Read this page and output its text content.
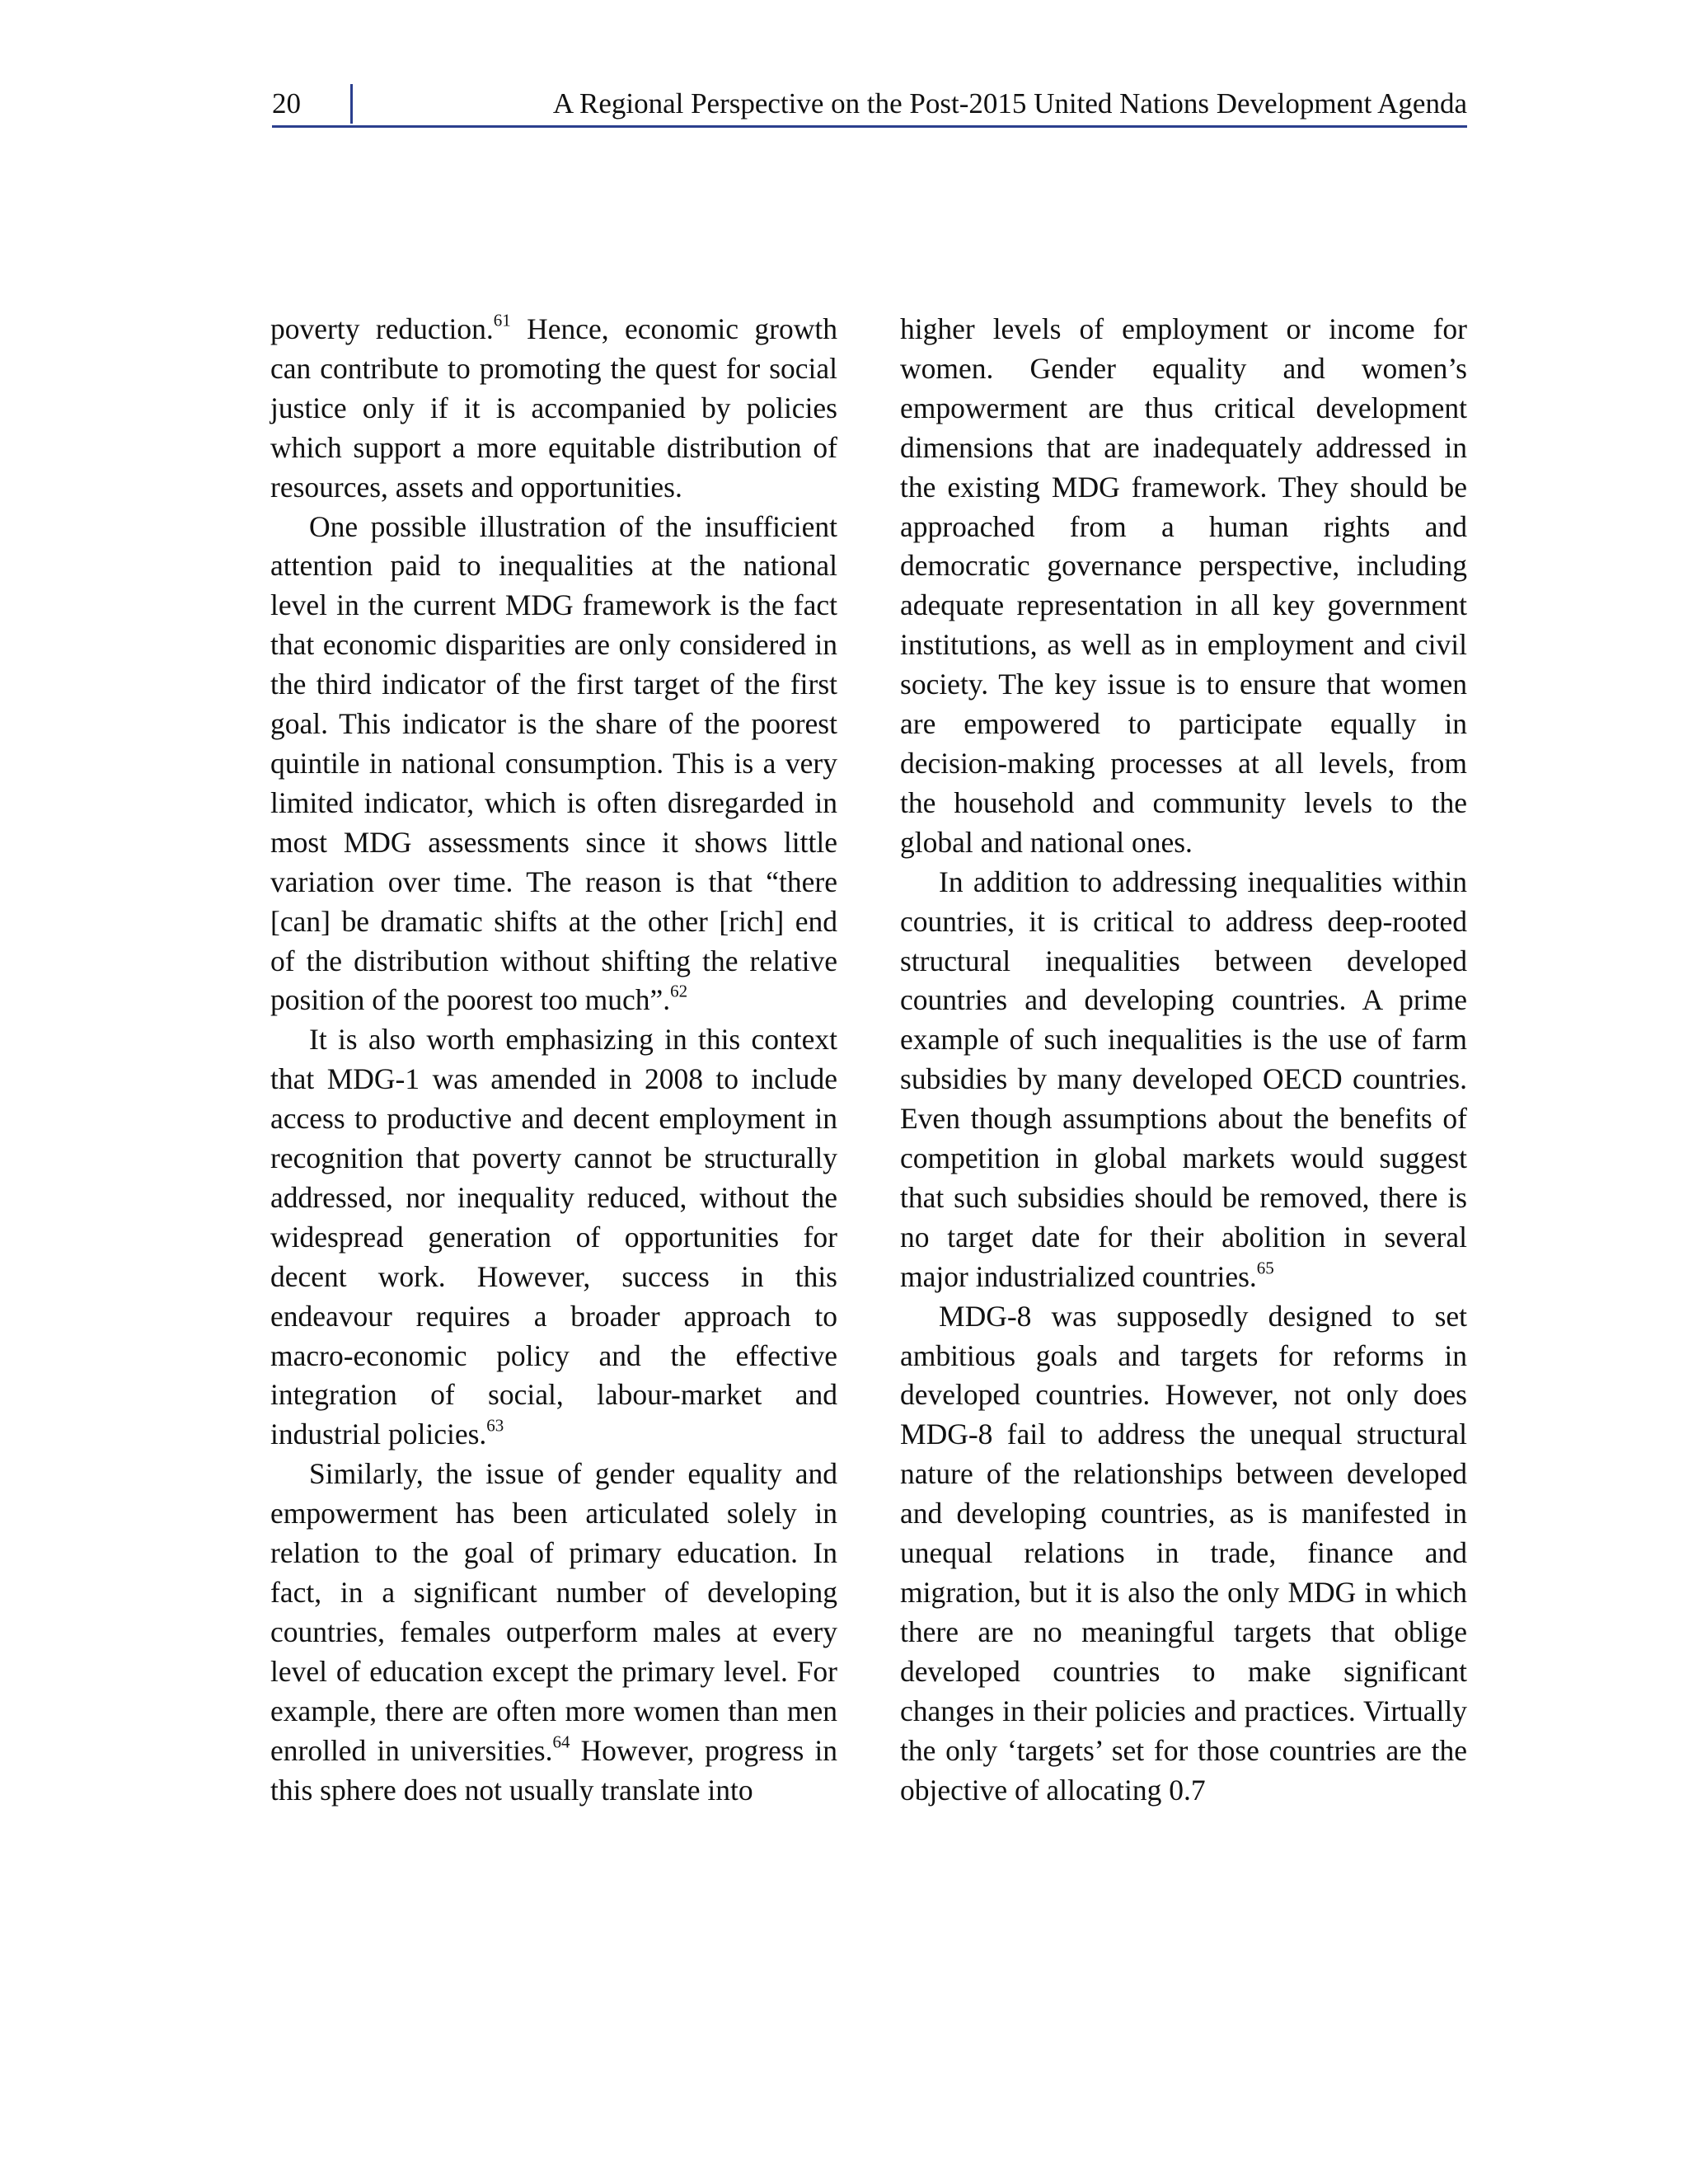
20	A Regional Perspective on the Post-2015 United Nations Development Agenda

poverty reduction.$^{61}$ Hence, economic growth can contribute to promoting the quest for social justice only if it is accompanied by policies which support a more equitable distribution of resources, assets and opportunities.

One possible illustration of the insufficient attention paid to inequalities at the national level in the current MDG framework is the fact that economic disparities are only considered in the third indicator of the first target of the first goal. This indicator is the share of the poorest quintile in national consumption. This is a very limited indicator, which is often disregarded in most MDG assessments since it shows little variation over time. The reason is that “there [can] be dramatic shifts at the other [rich] end of the distribution without shifting the relative position of the poorest too much”.$^{62}$

It is also worth emphasizing in this context that MDG-1 was amended in 2008 to include access to productive and decent employment in recognition that poverty cannot be structurally addressed, nor inequality reduced, without the widespread generation of opportunities for decent work. However, success in this endeavour requires a broader approach to macro-economic policy and the effective integration of social, labour-market and industrial policies.$^{63}$

Similarly, the issue of gender equality and empowerment has been articulated solely in relation to the goal of primary education. In fact, in a significant number of developing countries, females outperform males at every level of education except the primary level. For example, there are often more women than men enrolled in universities.$^{64}$ However, progress in this sphere does not usually translate into

higher levels of employment or income for women. Gender equality and women’s empowerment are thus critical development dimensions that are inadequately addressed in the existing MDG framework. They should be approached from a human rights and democratic governance perspective, including adequate representation in all key government institutions, as well as in employment and civil society. The key issue is to ensure that women are empowered to participate equally in decision-making processes at all levels, from the household and community levels to the global and national ones.

In addition to addressing inequalities within countries, it is critical to address deep-rooted structural inequalities between developed countries and developing countries. A prime example of such inequalities is the use of farm subsidies by many developed OECD countries. Even though assumptions about the benefits of competition in global markets would suggest that such subsidies should be removed, there is no target date for their abolition in several major industrialized countries.$^{65}$

MDG-8 was supposedly designed to set ambitious goals and targets for reforms in developed countries. However, not only does MDG-8 fail to address the unequal structural nature of the relationships between developed and developing countries, as is manifested in unequal relations in trade, finance and migration, but it is also the only MDG in which there are no meaningful targets that oblige developed countries to make significant changes in their policies and practices. Virtually the only ‘targets’ set for those countries are the objective of allocating 0.7
